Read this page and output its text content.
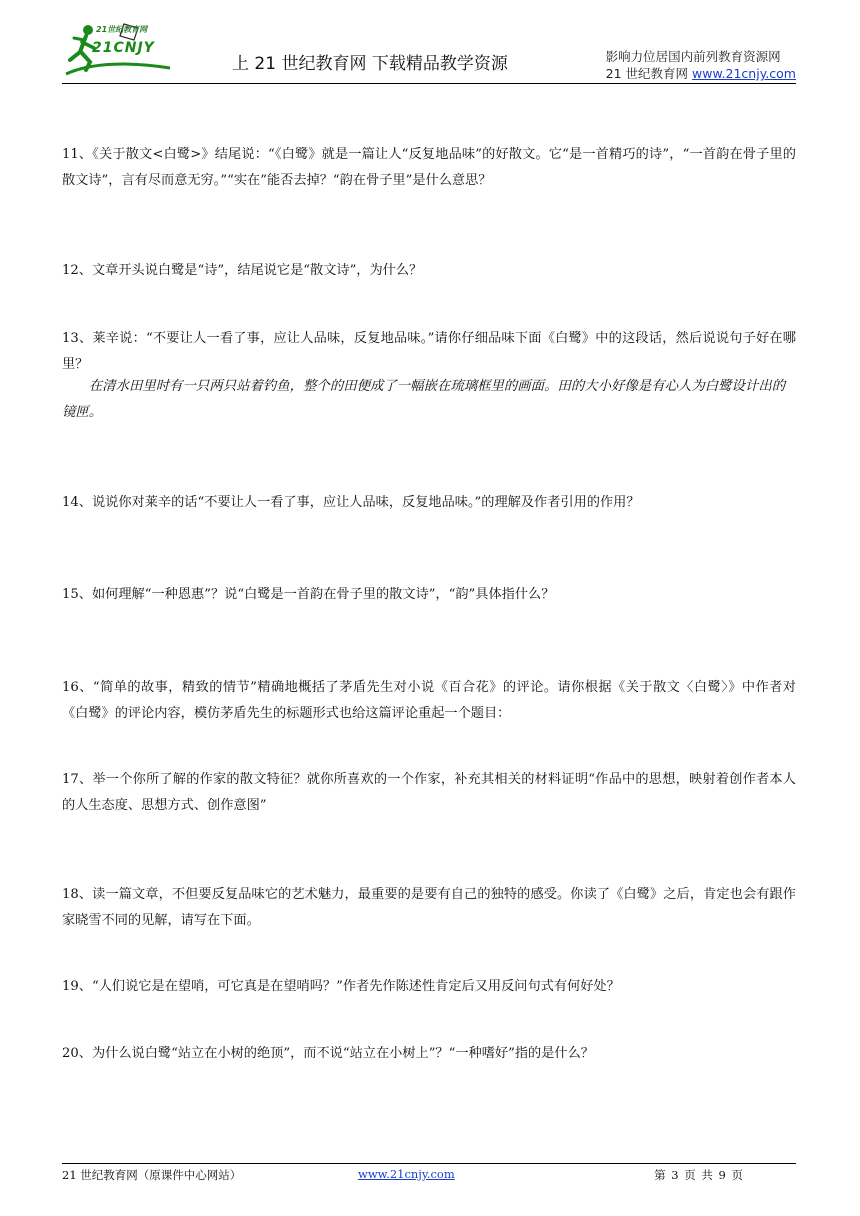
21世纪教育网
21CNJY
上 21 世纪教育网 下载精品教学资源	影响力位居国内前列教育资源网
21 世纪教育网 www.21cnjy.com
11、《关于散文<白鹭>》结尾说：“《白鹭》就是一篇让人“反复地品味”的好散文。它“是一首精巧的诗”，“一首韵在骨子里的散文诗”，言有尽而意无穷。”“实在”能否去掉？“韵在骨子里”是什么意思？
12、文章开头说白鹭是“诗”，结尾说它是“散文诗”，为什么？
13、莱辛说：“不要让人一看了事，应让人品味，反复地品味。”请你仔细品味下面《白鹭》中的这段话，然后说说句子好在哪里？
在清水田里时有一只两只站着钓鱼，整个的田便成了一幅嵌在琉璃框里的画面。田的大小好像是有心人为白鹭设计出的镜匣。
14、说说你对莱辛的话“不要让人一看了事，应让人品味，反复地品味。”的理解及作者引用的作用？
15、如何理解“一种恩惠”？说“白鹭是一首韵在骨子里的散文诗”，“韵”具体指什么？
16、“简单的故事，精致的情节”精确地概括了茅盾先生对小说《百合花》的评论。请你根据《关于散文〈白鹭〉》中作者对《白鹭》的评论内容，模仿茅盾先生的标题形式也给这篇评论重起一个题目：
17、举一个你所了解的作家的散文特征？就你所喜欢的一个作家，补充其相关的材料证明“作品中的思想，映射着创作者本人的人生态度、思想方式、创作意图”
18、读一篇文章，不但要反复品味它的艺术魅力，最重要的是要有自己的独特的感受。你读了《白鹭》之后，肯定也会有跟作家晓雪不同的见解，请写在下面。
19、“人们说它是在望哨，可它真是在望哨吗？”作者先作陈述性肯定后又用反问句式有何好处？
20、为什么说白鹭“站立在小树的绝顶”，而不说“站立在小树上”？“一种嗜好”指的是什么？
21 世纪教育网（原课件中心网站）	www.21cnjy.com	第 3 页 共 9 页
